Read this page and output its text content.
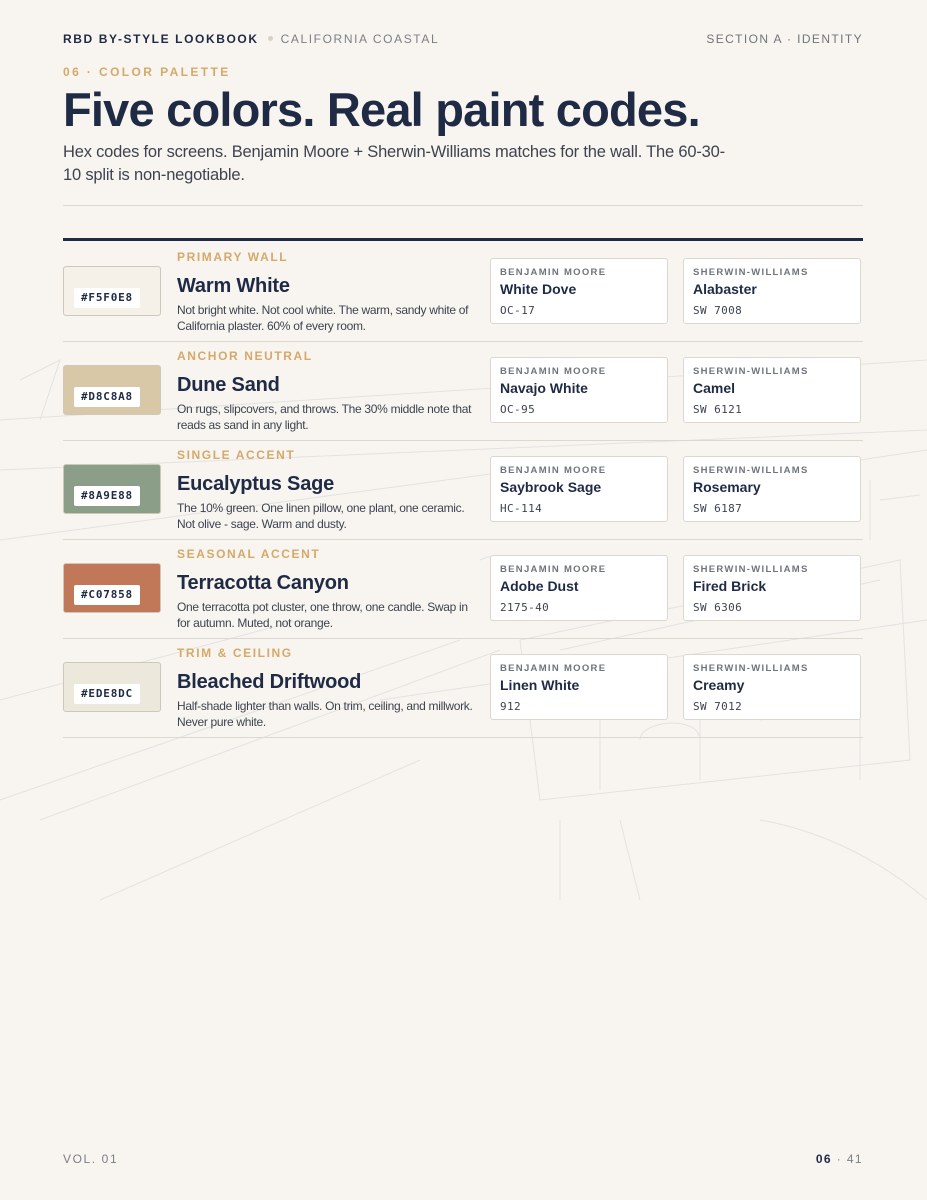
RBD BY-STYLE LOOKBOOK CALIFORNIA COASTAL	SECTION A · IDENTITY
06 · COLOR PALETTE
Five colors. Real paint codes.

Hex codes for screens. Benjamin Moore + Sherwin-Williams matches for the wall. The 60-30-10 split is non-negotiable.

#F5F0E8
PRIMARY WALL
Warm White
Not bright white. Not cool white. The warm, sandy white of California plaster. 60% of every room.
BENJAMIN MOORE
White Dove
OC-17
SHERWIN-WILLIAMS
Alabaster
SW 7008
#D8C8A8
ANCHOR NEUTRAL
Dune Sand
On rugs, slipcovers, and throws. The 30% middle note that reads as sand in any light.
BENJAMIN MOORE
Navajo White
OC-95
SHERWIN-WILLIAMS
Camel
SW 6121
#8A9E88
SINGLE ACCENT
Eucalyptus Sage
The 10% green. One linen pillow, one plant, one ceramic. Not olive - sage. Warm and dusty.
BENJAMIN MOORE
Saybrook Sage
HC-114
SHERWIN-WILLIAMS
Rosemary
SW 6187
#C07858
SEASONAL ACCENT
Terracotta Canyon
One terracotta pot cluster, one throw, one candle. Swap in for autumn. Muted, not orange.
BENJAMIN MOORE
Adobe Dust
2175-40
SHERWIN-WILLIAMS
Fired Brick
SW 6306
#EDE8DC
TRIM & CEILING
Bleached Driftwood
Half-shade lighter than walls. On trim, ceiling, and millwork. Never pure white.
BENJAMIN MOORE
Linen White
912
SHERWIN-WILLIAMS
Creamy
SW 7012
VOL. 01	06 · 41
